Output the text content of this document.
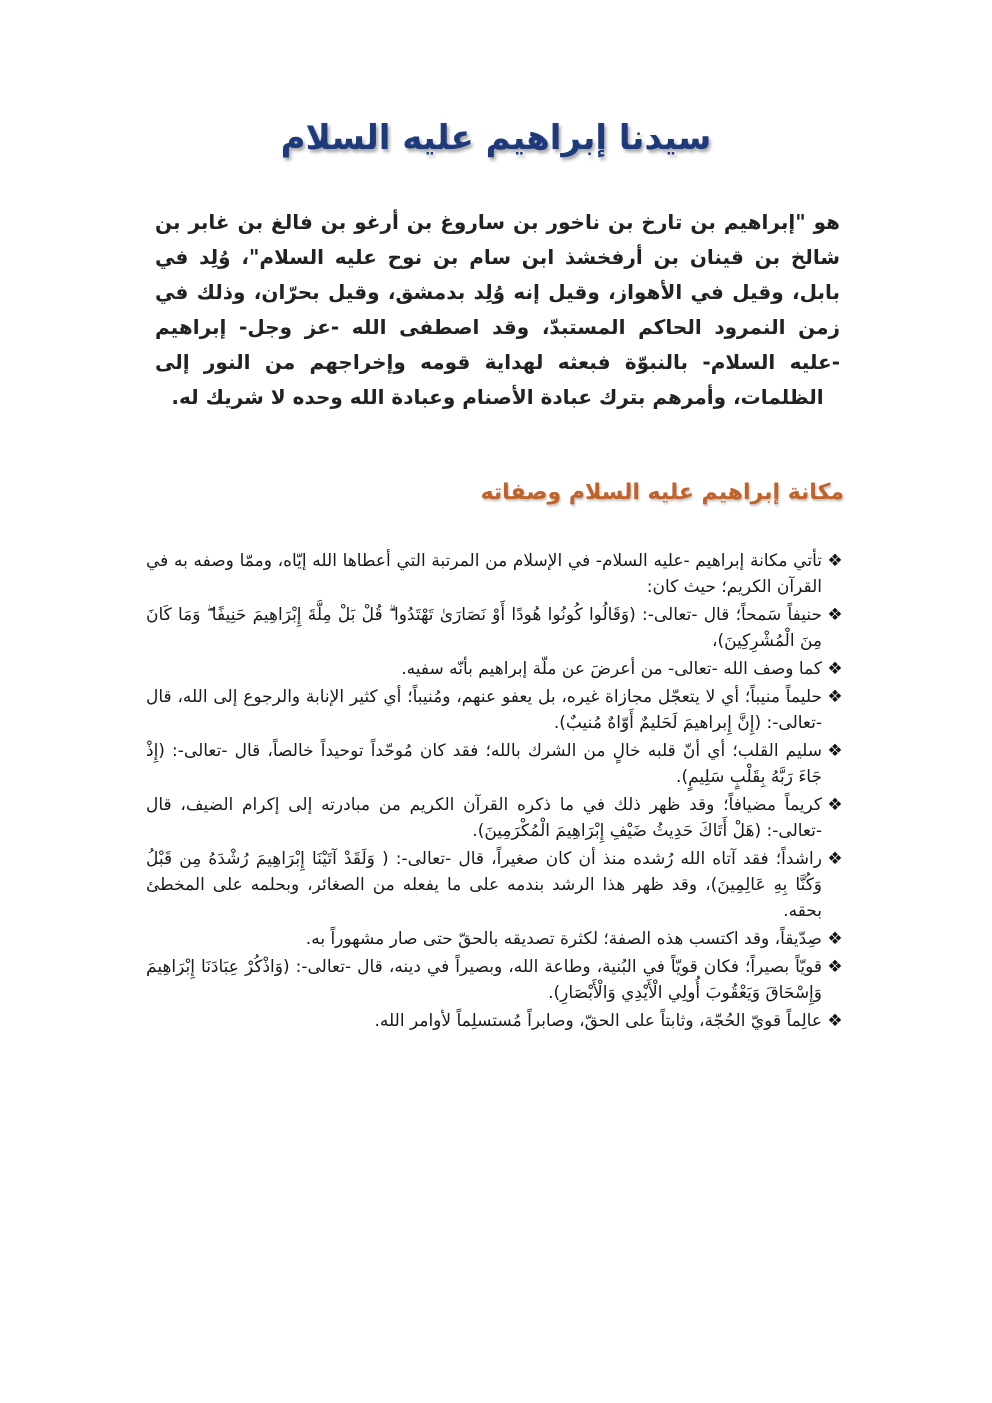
سيدنا إبراهيم عليه السلام

هو "إبراهيم بن تارخ بن ناخور بن ساروغ بن أرغو بن فالغ بن غابر بن شالخ بن قينان بن أرفخشذ ابن سام بن نوح عليه السلام"، وُلِد في بابل، وقيل في الأهواز، وقيل إنه وُلِد بدمشق، وقيل بحرّان، وذلك في زمن النمرود الحاكم المستبدّ، وقد اصطفى الله -عز وجل- إبراهيم -عليه السلام- بالنبوّة فبعثه لهداية قومه وإخراجهم من النور إلى الظلمات، وأمرهم بترك عبادة الأصنام وعبادة الله وحده لا شريك له.

مكانة إبراهيم عليه السلام وصفاته
❖
تأتي مكانة إبراهيم -عليه السلام- في الإسلام من المرتبة التي أعطاها الله إيّاه، وممّا وصفه به في القرآن الكريم؛ حيث كان:
❖
حنيفاً سَمحاً؛ قال -تعالى-: (وَقَالُوا كُونُوا هُودًا أَوْ نَصَارَىٰ تَهْتَدُوا ۗ قُلْ بَلْ مِلَّةَ إِبْرَاهِيمَ حَنِيفًا ۖ وَمَا كَانَ مِنَ الْمُشْرِكِينَ)،
❖
كما وصف الله -تعالى- من أعرضَ عن ملّة إبراهيم بأنّه سفيه.
❖
حليماً منيباً؛ أي لا يتعجّل مجازاة غيره، بل يعفو عنهم، ومُنيباً؛ أي كثير الإنابة والرجوع إلى الله، قال -تعالى-: (إِنَّ إِبراهيمَ لَحَليمٌ أَوّاهٌ مُنيبٌ).
❖
سليم القلب؛ أي أنّ قلبه خالٍ من الشرك بالله؛ فقد كان مُوحّداً توحيداً خالصاً، قال -تعالى-: (إِذْ جَاءَ رَبَّهُ بِقَلْبٍ سَلِيمٍ).
❖
كريماً مضيافاً؛ وقد ظهر ذلك في ما ذكره القرآن الكريم من مبادرته إلى إكرام الضيف، قال -تعالى-: (هَلْ أَتَاكَ حَدِيثُ ضَيْفِ إِبْرَاهِيمَ الْمُكْرَمِينَ).
❖
راشداً؛ فقد آتاه الله رُشده منذ أن كان صغيراً، قال -تعالى-: ( وَلَقَدْ آتَيْنَا إِبْرَاهِيمَ رُشْدَهُ مِن قَبْلُ وَكُنَّا بِهِ عَالِمِينَ)، وقد ظهر هذا الرشد بندمه على ما يفعله من الصغائر، وبحلمه على المخطئ بحقه.
❖
صِدّيقاً، وقد اكتسب هذه الصفة؛ لكثرة تصديقه بالحقّ حتى صار مشهوراً به.
❖
قويّاً بصيراً؛ فكان قويّاً في البُنية، وطاعة الله، وبصيراً في دينه، قال -تعالى-: (وَاذْكُرْ عِبَادَنَا إِبْرَاهِيمَ وَإِسْحَاقَ وَيَعْقُوبَ أُولِي الْأَيْدِي وَالْأَبْصَارِ).
❖
عالِماً قويّ الحُجّة، وثابتاً على الحقّ، وصابراً مُستسلِماً لأوامر الله.
